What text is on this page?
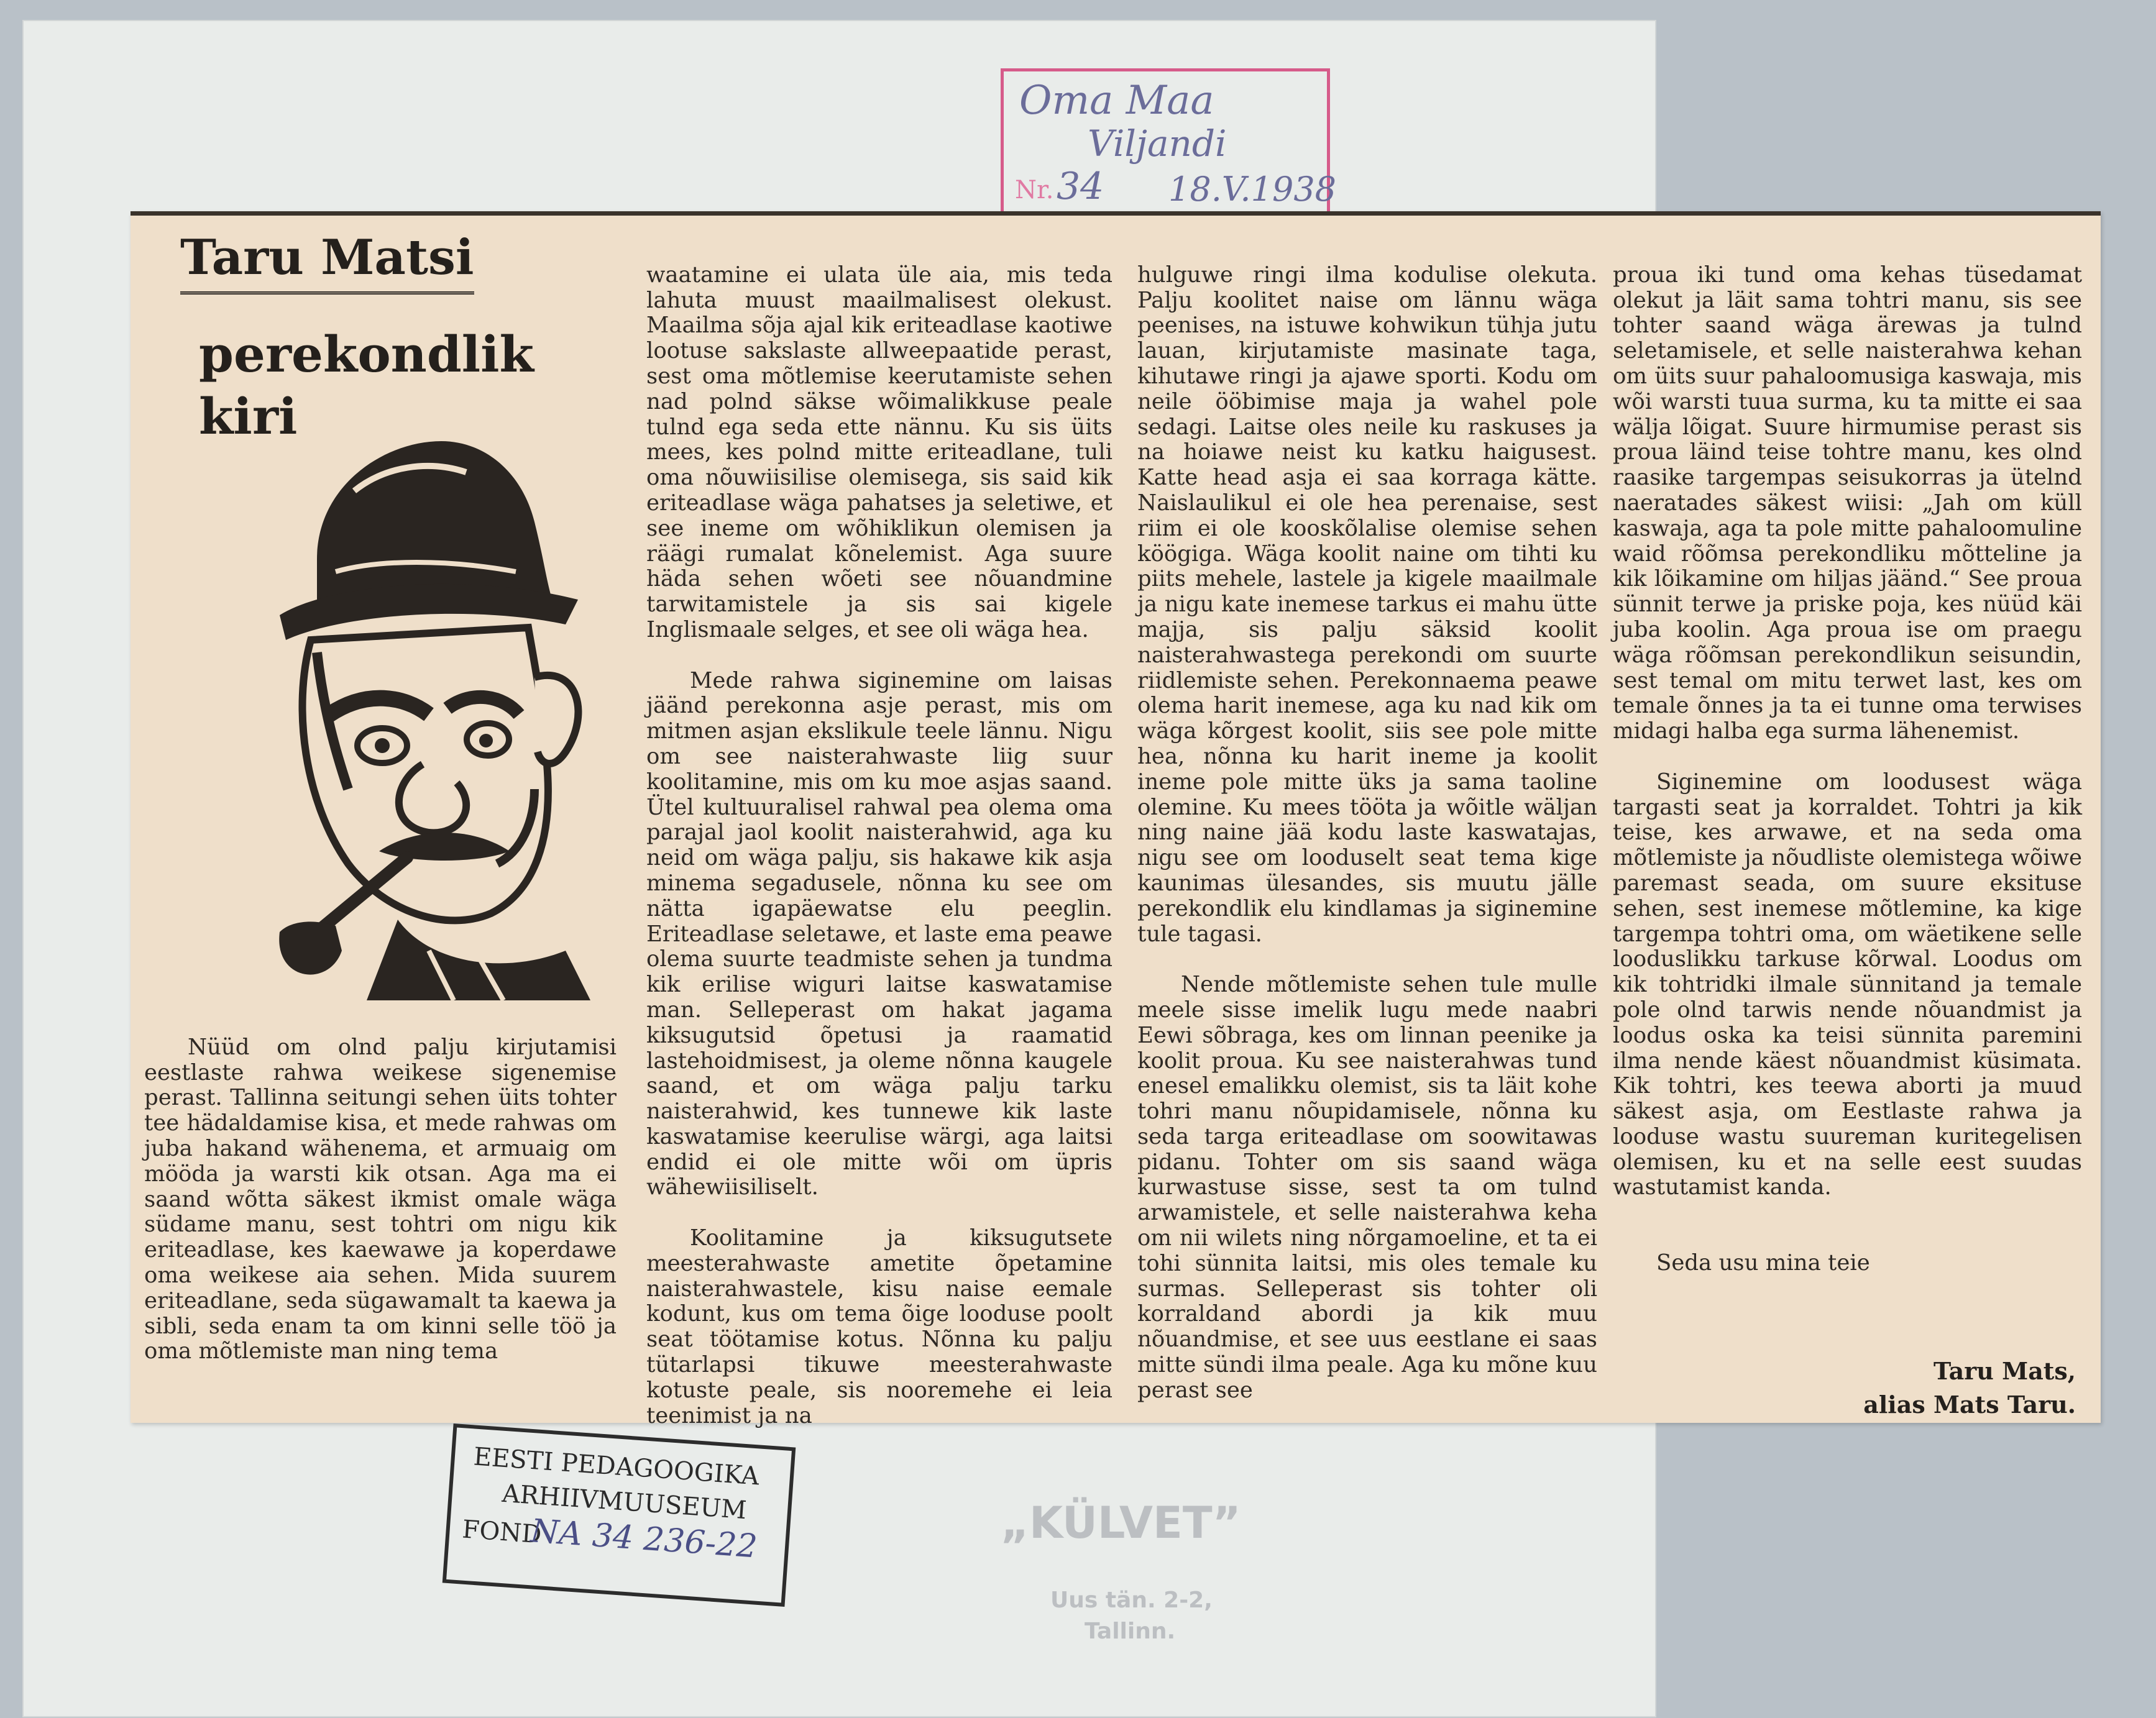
Oma Maa
Viljandi
Nr. 34 18.V.1938
Taru Matsi
perekondlik kiri

Nüüd om olnd palju kirjutamisi eestlaste rahwa weikese sigenemise perast. Tallinna seitungi sehen üits tohter tee hädaldamise kisa, et mede rahwas om juba hakand wähenema, et armuaig om mööda ja warsti kik otsan. Aga ma ei saand wõtta säkest ikmist omale wäga südame manu, sest tohtri om nigu kik eriteadlase, kes kaewawe ja koperdawe oma weikese aia sehen. Mida suurem eriteadlane, seda sügawamalt ta kaewa ja sibli, seda enam ta om kinni selle töö ja oma mõtlemiste man ning tema

waatamine ei ulata üle aia, mis teda lahuta muust maailmalisest olekust. Maailma sõja ajal kik eriteadlase kaotiwe lootuse sakslaste allweepaatide perast, sest oma mõtlemise keerutamiste sehen nad polnd säkse wõimalikkuse peale tulnd ega seda ette nännu. Ku sis üits mees, kes polnd mitte eriteadlane, tuli oma nõuwiisilise olemisega, sis said kik eriteadlase wäga pahatses ja seletiwe, et see ineme om wõhiklikun olemisen ja räägi rumalat kõnelemist. Aga suure häda sehen wõeti see nõuandmine tarwitamistele ja sis sai kigele Inglismaale selges, et see oli wäga hea.

Mede rahwa siginemine om laisas jäänd perekonna asje perast, mis om mitmen asjan ekslikule teele lännu. Nigu om see naisterahwaste liig suur koolitamine, mis om ku moe asjas saand. Ütel kultuuralisel rahwal pea olema oma parajal jaol koolit naisterahwid, aga ku neid om wäga palju, sis hakawe kik asja minema segadusele, nõnna ku see om nätta igapäewatse elu peeglin. Eriteadlase seletawe, et laste ema peawe olema suurte teadmiste sehen ja tundma kik erilise wiguri laitse kaswatamise man. Selleperast om hakat jagama kiksugutsid õpetusi ja raamatid lastehoidmisest, ja oleme nõnna kaugele saand, et om wäga palju tarku naisterahwid, kes tunnewe kik laste kaswatamise keerulise wärgi, aga laitsi endid ei ole mitte wõi om üpris wähewiisiliselt.

Koolitamine ja kiksugutsete meesterahwaste ametite õpetamine naisterahwastele, kisu naise eemale kodunt, kus om tema õige looduse poolt seat töötamise kotus. Nõnna ku palju tütarlapsi tikuwe meesterahwaste kotuste peale, sis nooremehe ei leia teenimist ja na

hulguwe ringi ilma kodulise olekuta. Palju koolitet naise om lännu wäga peenises, na istuwe kohwikun tühja jutu lauan, kirjutamiste masinate taga, kihutawe ringi ja ajawe sporti. Kodu om neile ööbimise maja ja wahel pole sedagi. Laitse oles neile ku raskuses ja na hoiawe neist ku katku haigusest. Katte head asja ei saa korraga kätte. Naislaulikul ei ole hea perenaise, sest riim ei ole kooskõlalise olemise sehen köögiga. Wäga koolit naine om tihti ku piits mehele, lastele ja kigele maailmale ja nigu kate inemese tarkus ei mahu ütte majja, sis palju säksid koolit naisterahwastega perekondi om suurte riidlemiste sehen. Perekonnaema peawe olema harit inemese, aga ku nad kik om wäga kõrgest koolit, siis see pole mitte hea, nõnna ku harit ineme ja koolit ineme pole mitte üks ja sama taoline olemine. Ku mees tööta ja wõitle wäljan ning naine jää kodu laste kaswatajas, nigu see om looduselt seat tema kige kaunimas ülesandes, sis muutu jälle perekondlik elu kindlamas ja siginemine tule tagasi.

Nende mõtlemiste sehen tule mulle meele sisse imelik lugu mede naabri Eewi sõbraga, kes om linnan peenike ja koolit proua. Ku see naisterahwas tund enesel emalikku olemist, sis ta läit kohe tohri manu nõupidamisele, nõnna ku seda targa eriteadlase om soowitawas pidanu. Tohter om sis saand wäga kurwastuse sisse, sest ta om tulnd arwamistele, et selle naisterahwa keha om nii wilets ning nõrgamoeline, et ta ei tohi sünnita laitsi, mis oles temale ku surmas. Selleperast sis tohter oli korraldand abordi ja kik muu nõuandmise, et see uus eestlane ei saas mitte sündi ilma peale. Aga ku mõne kuu perast see

proua iki tund oma kehas tüsedamat olekut ja läit sama tohtri manu, sis see tohter saand wäga ärewas ja tulnd seletamisele, et selle naisterahwa kehan om üits suur pahaloomusiga kaswaja, mis wõi warsti tuua surma, ku ta mitte ei saa wälja lõigat. Suure hirmumise perast sis proua läind teise tohtre manu, kes olnd raasike targempas seisukorras ja ütelnd naeratades säkest wiisi: „Jah om küll kaswaja, aga ta pole mitte pahaloomuline waid rõõmsa perekondliku mõtteline ja kik lõikamine om hiljas jäänd.“ See proua sünnit terwe ja priske poja, kes nüüd käi juba koolin. Aga proua ise om praegu wäga rõõmsan perekondlikun seisundin, sest temal om mitu terwet last, kes om temale õnnes ja ta ei tunne oma terwises midagi halba ega surma lähenemist.

Siginemine om loodusest wäga targasti seat ja korraldet. Tohtri ja kik teise, kes arwawe, et na seda oma mõtlemiste ja nõudliste olemistega wõiwe paremast seada, om suure eksituse sehen, sest inemese mõtlemine, ka kige targempa tohtri oma, om wäetikene selle looduslikku tarkuse kõrwal. Loodus om kik tohtridki ilmale sünnitand ja temale pole olnd tarwis nende nõuandmist ja loodus oska ka teisi sünnita paremini ilma nende käest nõuandmist küsimata. Kik tohtri, kes teewa aborti ja muud säkest asja, om Eestlaste rahwa ja looduse wastu suureman kuritegelisen olemisen, ku et na selle eest suudas wastutamist kanda.

Seda usu mina teie

Taru Mats,
alias Mats Taru.
EESTI PEDAGOOGIKA
ARHIIVMUUSEUM
FOND
NA 34 236-22	„KÜLVET”
Uus tän. 2-2,
Tallinn.
